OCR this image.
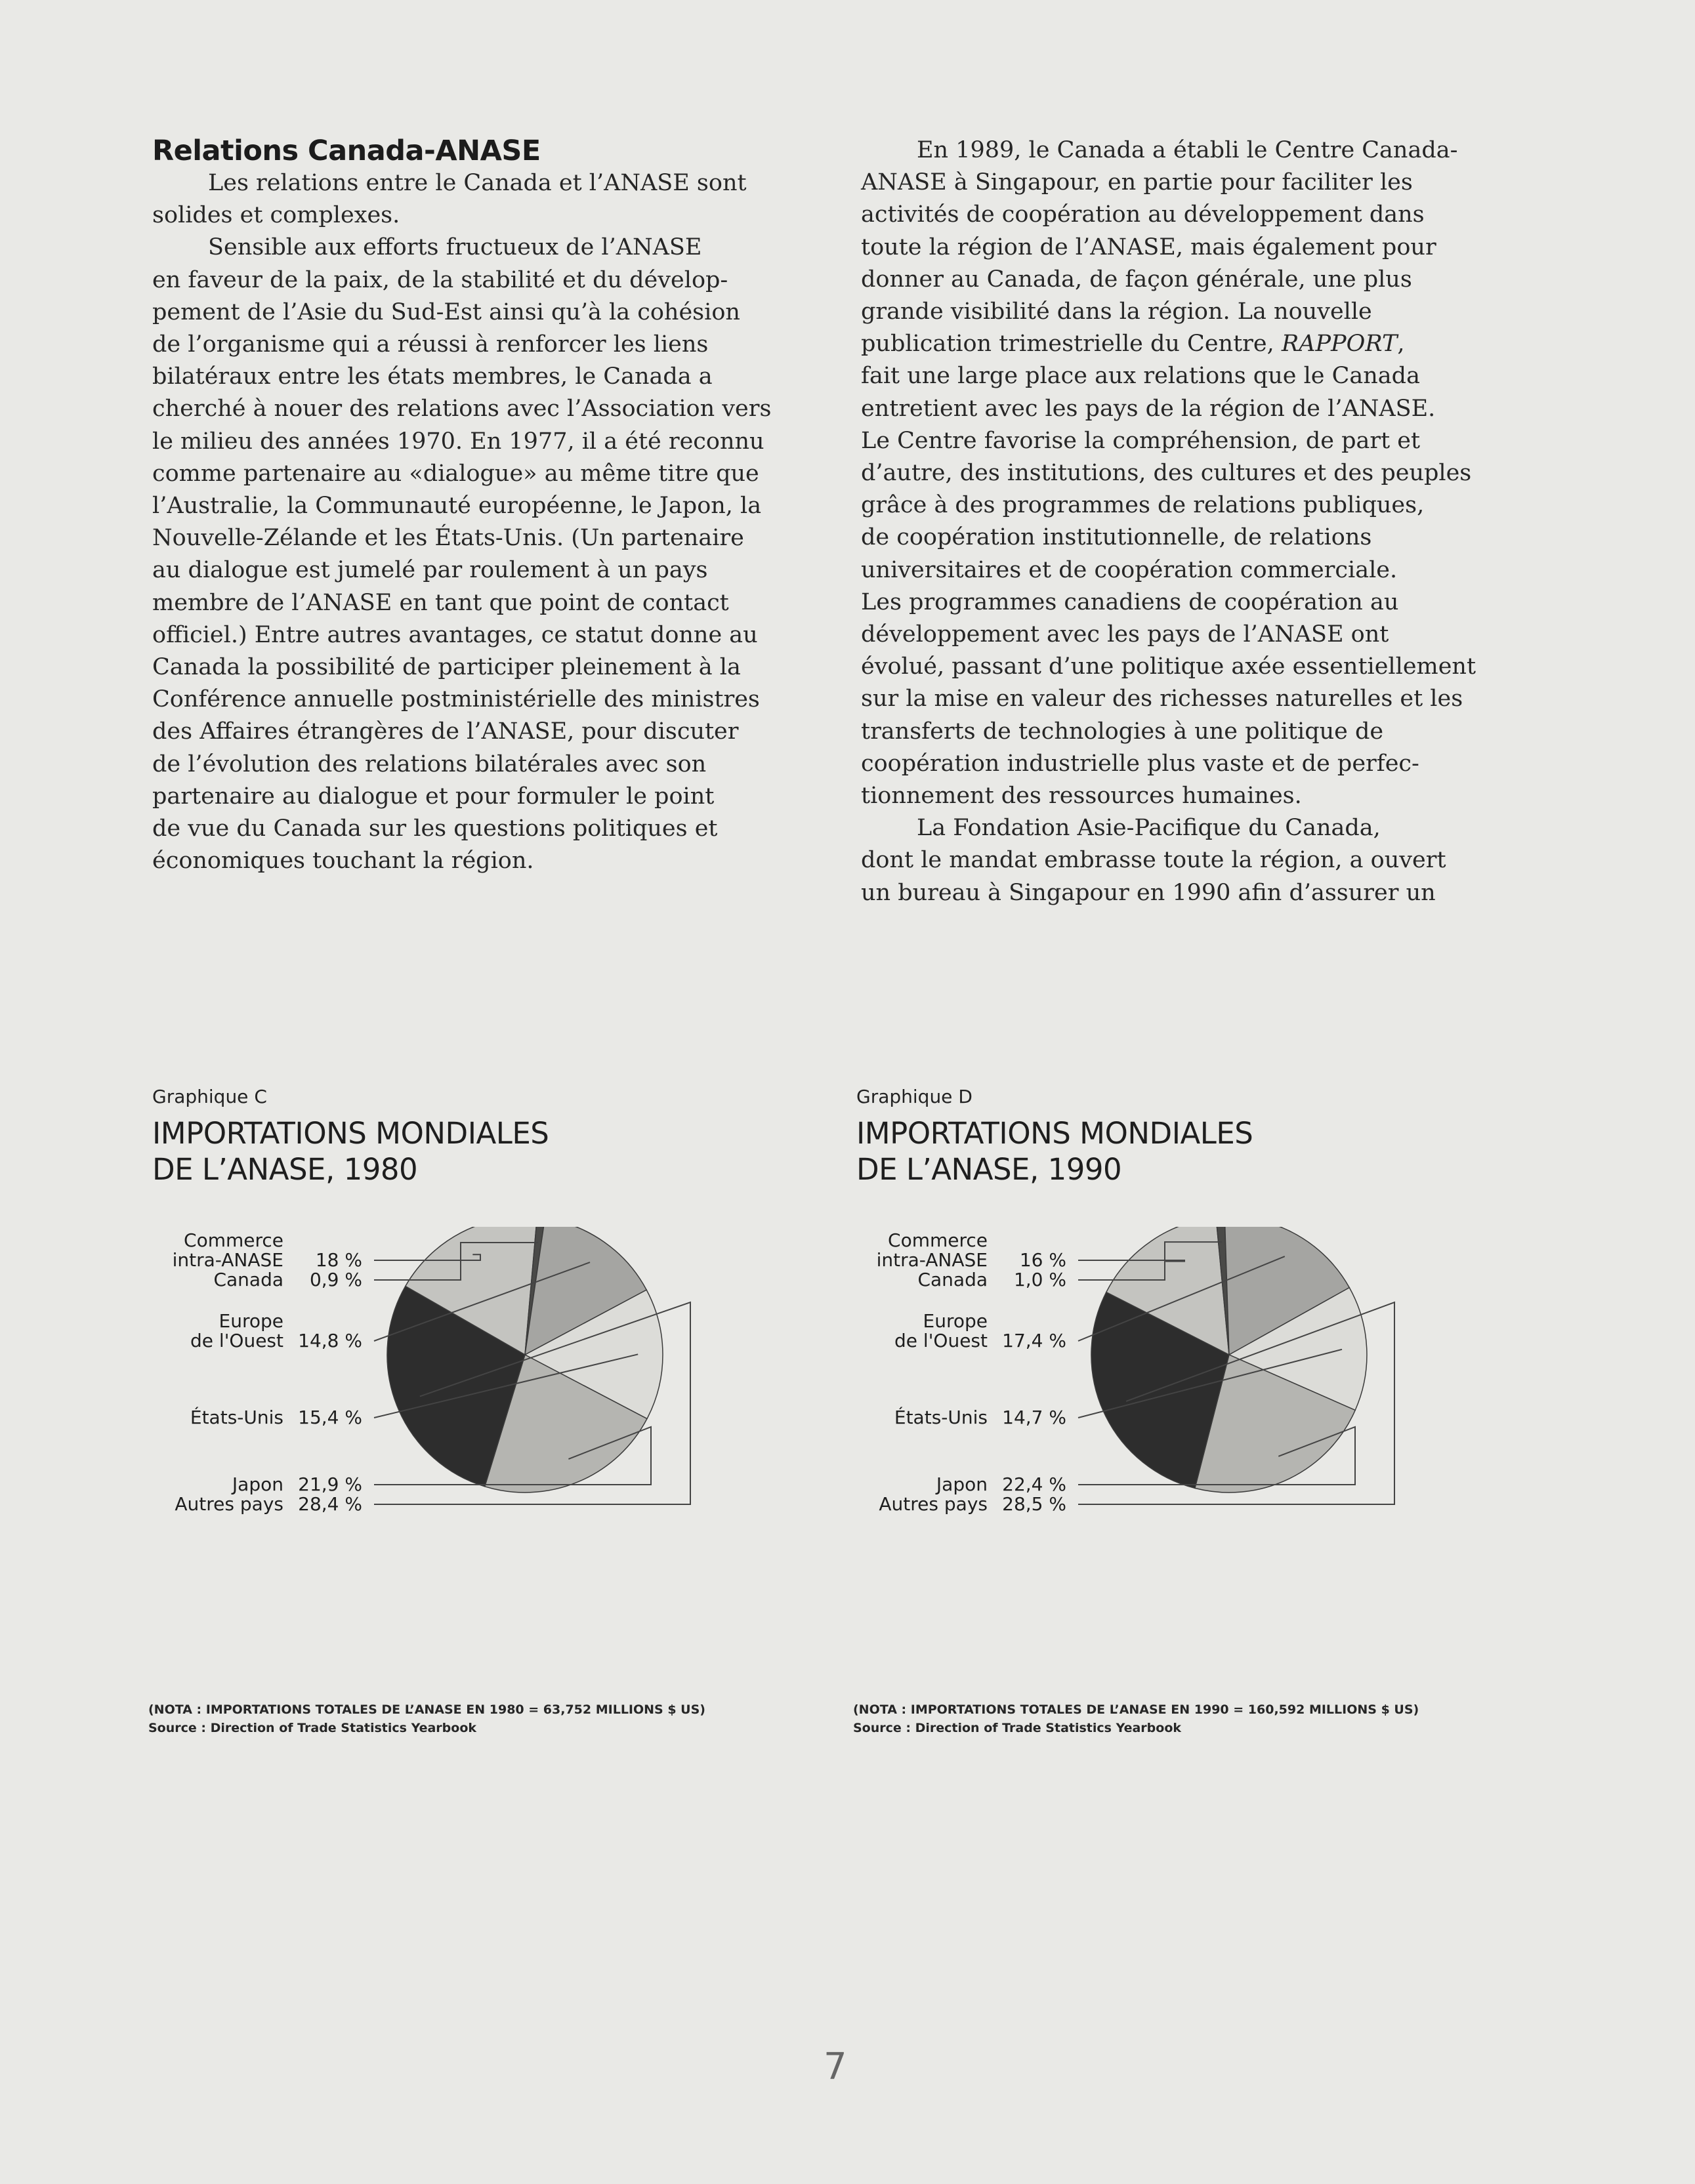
Relations Canada-ANASE

Les relations entre le Canada et l’ANASE sont
solides et complexes.

Sensible aux efforts fructueux de l’ANASE
en faveur de la paix, de la stabilité et du dévelop-
pement de l’Asie du Sud-Est ainsi qu’à la cohésion
de l’organisme qui a réussi à renforcer les liens
bilatéraux entre les états membres, le Canada a
cherché à nouer des relations avec l’Association vers
le milieu des années 1970. En 1977, il a été reconnu
comme partenaire au «dialogue» au même titre que
l’Australie, la Communauté européenne, le Japon, la
Nouvelle-Zélande et les États-Unis. (Un partenaire
au dialogue est jumelé par roulement à un pays
membre de l’ANASE en tant que point de contact
officiel.) Entre autres avantages, ce statut donne au
Canada la possibilité de participer pleinement à la
Conférence annuelle postministérielle des ministres
des Affaires étrangères de l’ANASE, pour discuter
de l’évolution des relations bilatérales avec son
partenaire au dialogue et pour formuler le point
de vue du Canada sur les questions politiques et
économiques touchant la région.

En 1989, le Canada a établi le Centre Canada-
ANASE à Singapour, en partie pour faciliter les
activités de coopération au développement dans
toute la région de l’ANASE, mais également pour
donner au Canada, de façon générale, une plus
grande visibilité dans la région. La nouvelle
publication trimestrielle du Centre, RAPPORT,
fait une large place aux relations que le Canada
entretient avec les pays de la région de l’ANASE.
Le Centre favorise la compréhension, de part et
d’autre, des institutions, des cultures et des peuples
grâce à des programmes de relations publiques,
de coopération institutionnelle, de relations
universitaires et de coopération commerciale.
Les programmes canadiens de coopération au
développement avec les pays de l’ANASE ont
évolué, passant d’une politique axée essentiellement
sur la mise en valeur des richesses naturelles et les
transferts de technologies à une politique de
coopération industrielle plus vaste et de perfec-
tionnement des ressources humaines.

La Fondation Asie-Pacifique du Canada,
dont le mandat embrasse toute la région, a ouvert
un bureau à Singapour en 1990 afin d’assurer un

Graphique C
IMPORTATIONS MONDIALES
DE L’ANASE, 1980
Commerce
intra-ANASE 18 %
Canada 0,9 %
Europe
de l'Ouest 14,8 %
États-Unis 15,4 %
Japon 21,9 %
Autres pays 28,4 %
Graphique D
IMPORTATIONS MONDIALES
DE L’ANASE, 1990
Commerce
intra-ANASE 16 %
Canada 1,0 %
Europe
de l'Ouest 17,4 %
États-Unis 14,7 %
Japon 22,4 %
Autres pays 28,5 %
(NOTA : IMPORTATIONS TOTALES DE L’ANASE EN 1980 = 63,752 MILLIONS $ US)
Source : Direction of Trade Statistics Yearbook
(NOTA : IMPORTATIONS TOTALES DE L’ANASE EN 1990 = 160,592 MILLIONS $ US)
Source : Direction of Trade Statistics Yearbook
7
